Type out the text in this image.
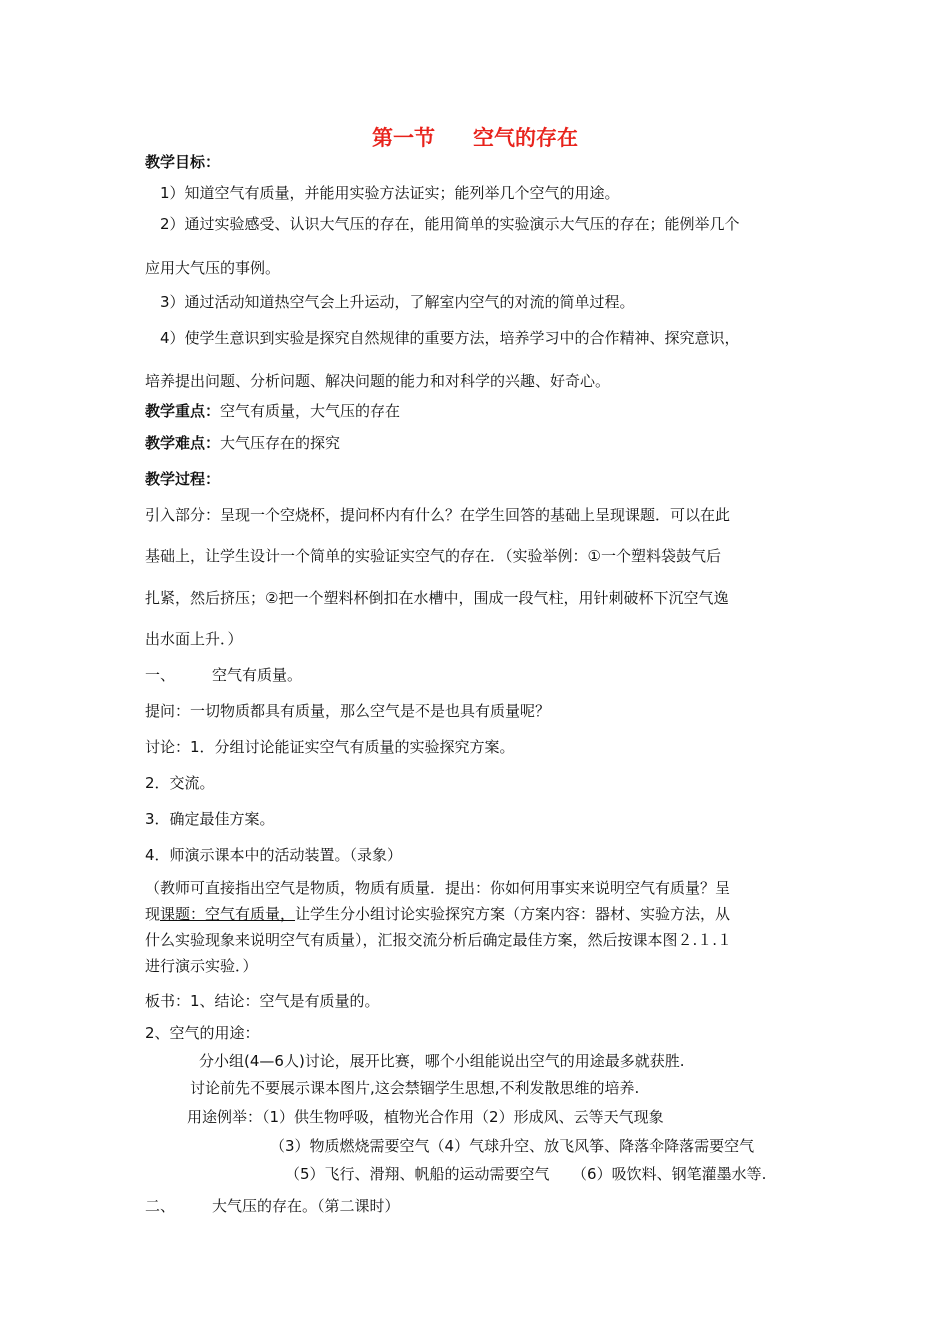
第一节 空气的存在
教学目标：
1）知道空气有质量，并能用实验方法证实；能列举几个空气的用途。
2）通过实验感受、认识大气压的存在，能用简单的实验演示大气压的存在；能例举几个
应用大气压的事例。
3）通过活动知道热空气会上升运动，了解室内空气的对流的简单过程。
4）使学生意识到实验是探究自然规律的重要方法，培养学习中的合作精神、探究意识，
培养提出问题、分析问题、解决问题的能力和对科学的兴趣、好奇心。
教学重点：空气有质量，大气压的存在
教学难点：大气压存在的探究
教学过程：
引入部分：呈现一个空烧杯，提问杯内有什么？在学生回答的基础上呈现课题．可以在此
基础上，让学生设计一个简单的实验证实空气的存在．（实验举例：①一个塑料袋鼓气后
扎紧，然后挤压；②把一个塑料杯倒扣在水槽中，围成一段气柱，用针刺破杯下沉空气逸
出水面上升．）
一、 空气有质量。
提问：一切物质都具有质量，那么空气是不是也具有质量呢？
讨论：1．分组讨论能证实空气有质量的实验探究方案。
2．交流。
3．确定最佳方案。
4．师演示课本中的活动装置。（录象）
（教师可直接指出空气是物质，物质有质量．提出：你如何用事实来说明空气有质量？呈
现课题：空气有质量，让学生分小组讨论实验探究方案（方案内容：器材、实验方法，从
什么实验现象来说明空气有质量），汇报交流分析后确定最佳方案，然后按课本图２.１.１
进行演示实验．）
板书：1、结论：空气是有质量的。
2、空气的用途：
分小组(4—6人)讨论，展开比赛，哪个小组能说出空气的用途最多就获胜.
讨论前先不要展示课本图片,这会禁锢学生思想,不利发散思维的培养.
用途例举：（1）供生物呼吸，植物光合作用（2）形成风、云等天气现象
（3）物质燃烧需要空气（4）气球升空、放飞风筝、降落伞降落需要空气
（5）飞行、滑翔、帆船的运动需要空气　　（6）吸饮料、钢笔灌墨水等.
二、 大气压的存在。（第二课时）
